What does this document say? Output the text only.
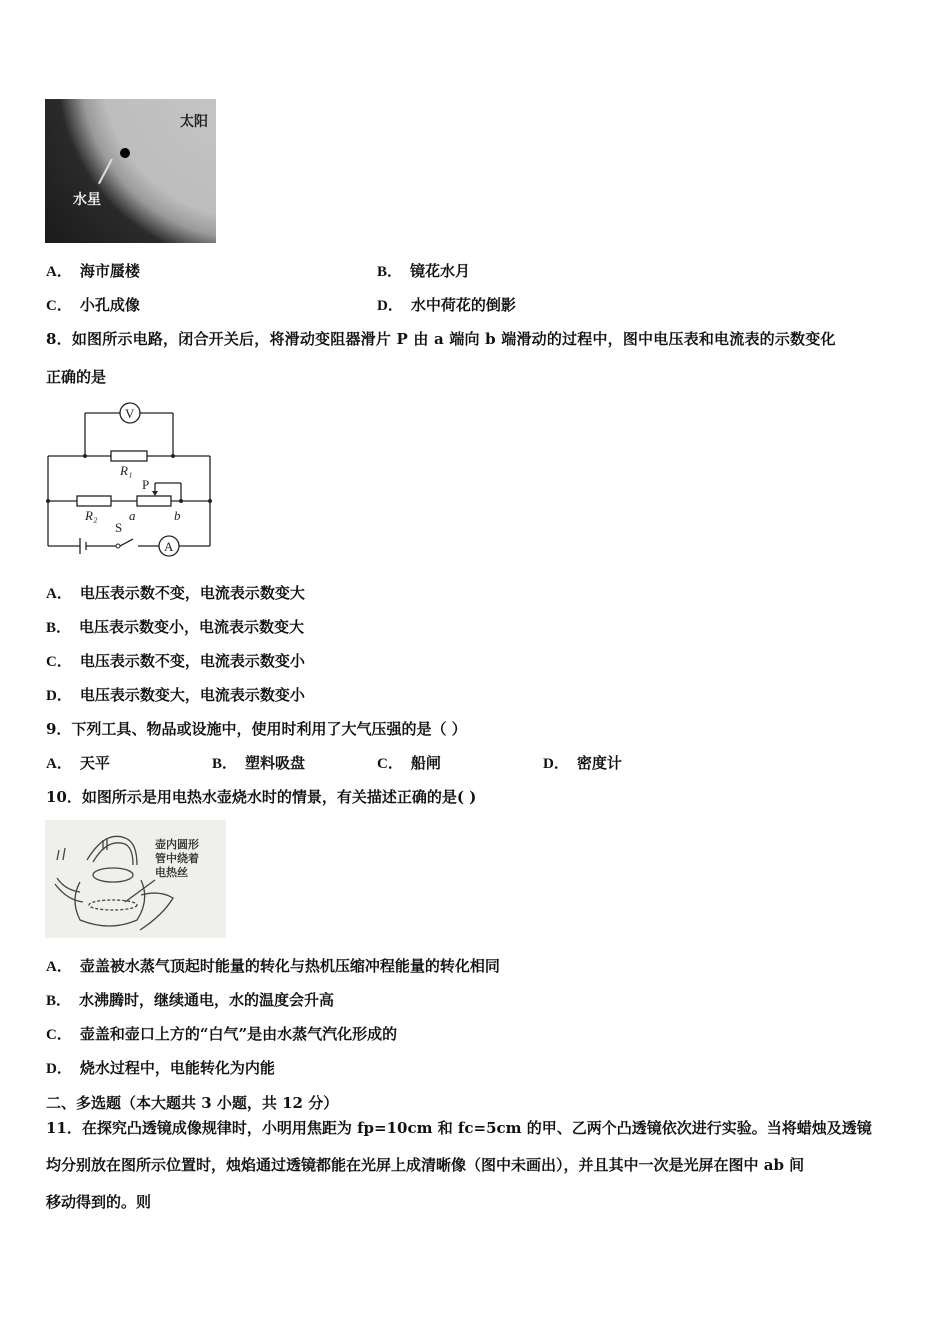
太阳
水星
A． 海市蜃楼	B． 镜花水月
C． 小孔成像	D． 水中荷花的倒影
8．如图所示电路，闭合开关后，将滑动变阻器滑片 P 由 a 端向 b 端滑动的过程中，图中电压表和电流表的示数变化
正确的是
V
A
R₁
R₂
P
a	b
S
A． 电压表示数不变，电流表示数变大
B． 电压表示数变小，电流表示数变大
C． 电压表示数不变，电流表示数变小
D． 电压表示数变大，电流表示数变小
9．下列工具、物品或设施中，使用时利用了大气压强的是（ ）
A． 天平	B． 塑料吸盘	C． 船闸	D． 密度计
10．如图所示是用电热水壶烧水时的情景，有关描述正确的是( )
壶内圆形
管中绕着
电热丝
A． 壶盖被水蒸气顶起时能量的转化与热机压缩冲程能量的转化相同
B． 水沸腾时，继续通电，水的温度会升高
C． 壶盖和壶口上方的“白气”是由水蒸气汽化形成的
D． 烧水过程中，电能转化为内能
二、多选题（本大题共 3 小题，共 12 分）
11．在探究凸透镜成像规律时，小明用焦距为 fp=10cm 和 fc=5cm 的甲、乙两个凸透镜依次进行实验。当将蜡烛及透镜
均分别放在图所示位置时，烛焰通过透镜都能在光屏上成清晰像（图中未画出），并且其中一次是光屏在图中 ab 间
移动得到的。则
